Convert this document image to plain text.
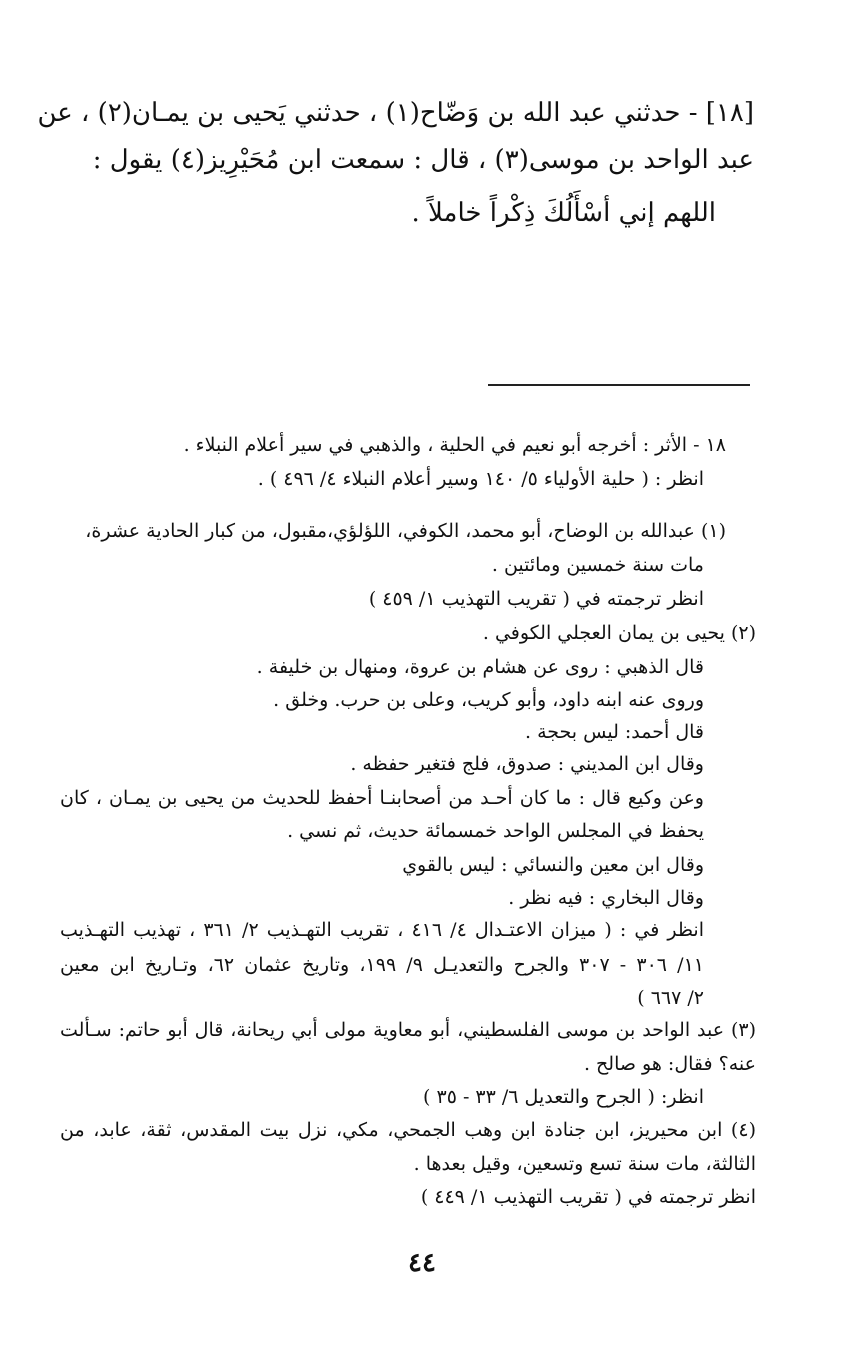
[١٨] - حدثني عبد الله بن وَضّاح(١) ، حدثني يَحيى بن يمـان(٢) ، عن
عبد الواحد بن موسى(٣) ، قال : سمعت ابن مُحَيْرِيز(٤) يقول :
اللهم إني أسْأَلُكَ ذِكْراً خاملاً .
١٨ - الأثر : أخرجه أبو نعيم في الحلية ، والذهبي في سير أعلام النبلاء .
انظر : ( حلية الأولياء ٥/ ١٤٠ وسير أعلام النبلاء ٤/ ٤٩٦ ) .
(١) عبدالله بن الوضاح، أبو محمد، الكوفي، اللؤلؤي،مقبول، من كبار الحادية عشرة،
مات سنة خمسين ومائتين .
انظر ترجمته في ( تقريب التهذيب ١/ ٤٥٩ )
(٢) يحيى بن يمان العجلي الكوفي .
قال الذهبي : روى عن هشام بن عروة، ومنهال بن خليفة .
وروى عنه ابنه داود، وأبو كريب، وعلى بن حرب. وخلق .
قال أحمد: ليس بحجة .
وقال ابن المديني : صدوق، فلج فتغير حفظه .
وعن وكيع قال : ما كان أحـد من أصحابنـا أحفظ للحديث من يحيى بن يمـان ، كان
يحفظ في المجلس الواحد خمسمائة حديث، ثم نسي .
وقال ابن معين والنسائي : ليس بالقوي
وقال البخاري : فيه نظر .
انظر في : ( ميزان الاعتـدال ٤/ ٤١٦ ، تقريب التهـذيب ٢/ ٣٦١ ، تهذيب التهـذيب
١١/ ٣٠٦ - ٣٠٧ والجرح والتعديـل ٩/ ١٩٩، وتاريخ عثمان ٦٢، وتـاريخ ابن معين
٢/ ٦٦٧ )
(٣) عبد الواحد بن موسى الفلسطيني، أبو معاوية مولى أبي ريحانة، قال أبو حاتم: سـألت
عنه؟ فقال: هو صالح .
انظر: ( الجرح والتعديل ٦/ ٣٣ - ٣٥ )
(٤) ابن محيريز، ابن جنادة ابن وهب الجمحي، مكي، نزل بيت المقدس، ثقة، عابد، من
الثالثة، مات سنة تسع وتسعين، وقيل بعدها .
انظر ترجمته في ( تقريب التهذيب ١/ ٤٤٩ )
٤٤
